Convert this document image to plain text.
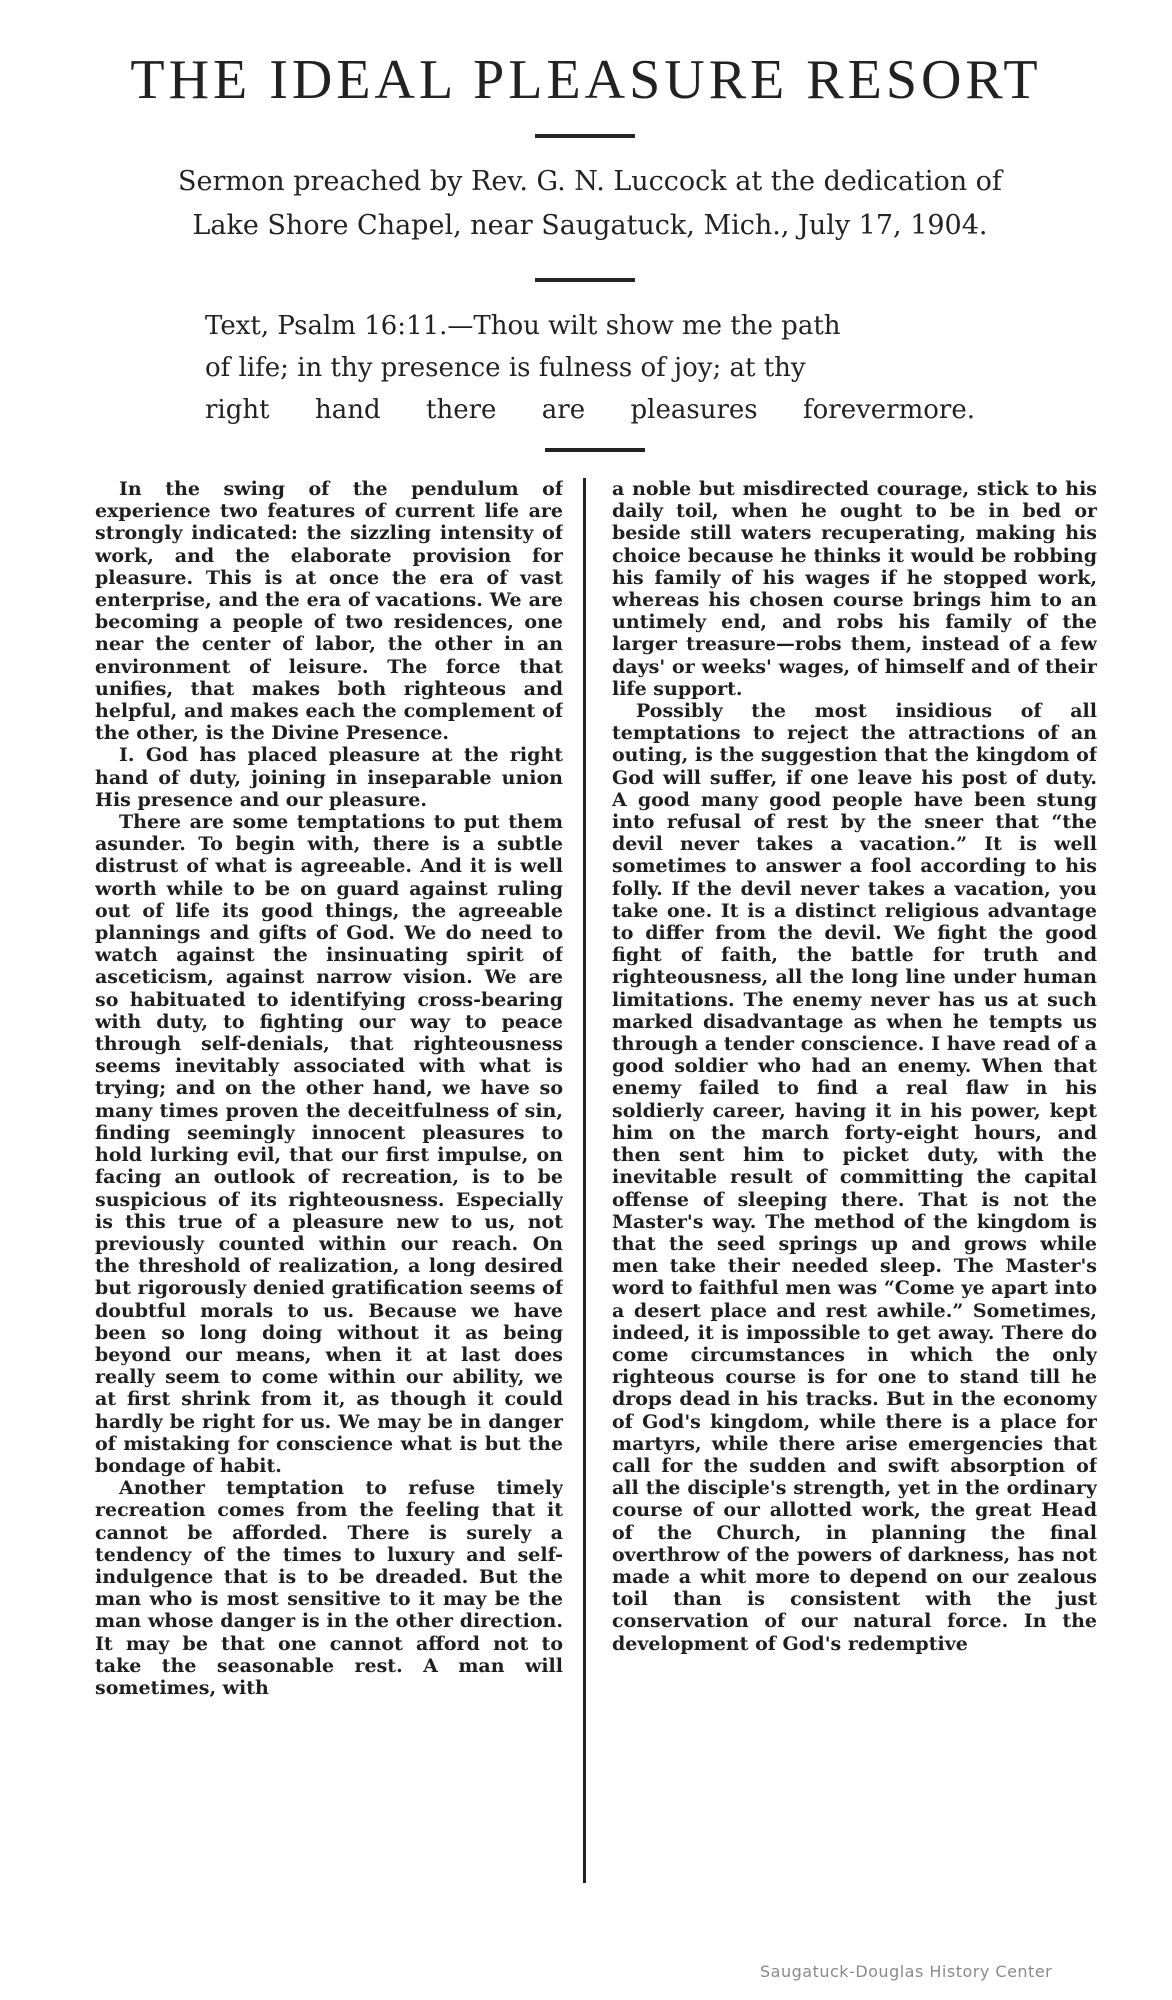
THE IDEAL PLEASURE RESORT
Sermon preached by Rev. G. N. Luccock at the dedication of
Lake Shore Chapel, near Saugatuck, Mich., July 17, 1904.
Text, Psalm 16:11.—Thou wilt show me the path
of life; in thy presence is fulness of joy; at thy
right hand there are pleasures forevermore.

In the swing of the pendulum of experience two features of current life are strongly indicated: the sizzling intensity of work, and the elaborate provision for pleasure. This is at once the era of vast enterprise, and the era of vacations. We are becoming a people of two residences, one near the center of labor, the other in an environment of leisure. The force that unifies, that makes both righteous and helpful, and makes each the complement of the other, is the Divine Presence.

I. God has placed pleasure at the right hand of duty, joining in inseparable union His presence and our pleasure.

There are some temptations to put them asunder. To begin with, there is a subtle distrust of what is agreeable. And it is well worth while to be on guard against ruling out of life its good things, the agreeable plannings and gifts of God. We do need to watch against the insinuating spirit of asceticism, against narrow vision. We are so habituated to identifying cross-bearing with duty, to fighting our way to peace through self-denials, that righteousness seems inevitably associated with what is trying; and on the other hand, we have so many times proven the deceitfulness of sin, finding seemingly innocent pleasures to hold lurking evil, that our first impulse, on facing an outlook of recreation, is to be suspicious of its righteousness. Especially is this true of a pleasure new to us, not previously counted within our reach. On the threshold of realization, a long desired but rigorously denied gratification seems of doubtful morals to us. Because we have been so long doing without it as being beyond our means, when it at last does really seem to come within our ability, we at first shrink from it, as though it could hardly be right for us. We may be in danger of mistaking for conscience what is but the bondage of habit.

Another temptation to refuse timely recreation comes from the feeling that it cannot be afforded. There is surely a tendency of the times to luxury and self-indulgence that is to be dreaded. But the man who is most sensitive to it may be the man whose danger is in the other direction. It may be that one cannot afford not to take the seasonable rest. A man will sometimes, with

a noble but misdirected courage, stick to his daily toil, when he ought to be in bed or beside still waters recuperating, making his choice because he thinks it would be robbing his family of his wages if he stopped work, whereas his chosen course brings him to an untimely end, and robs his family of the larger treasure—robs them, instead of a few days' or weeks' wages, of himself and of their life support.

Possibly the most insidious of all temptations to reject the attractions of an outing, is the suggestion that the kingdom of God will suffer, if one leave his post of duty. A good many good people have been stung into refusal of rest by the sneer that “the devil never takes a vacation.” It is well sometimes to answer a fool according to his folly. If the devil never takes a vacation, you take one. It is a distinct religious advantage to differ from the devil. We fight the good fight of faith, the battle for truth and righteousness, all the long line under human limitations. The enemy never has us at such marked disadvantage as when he tempts us through a tender conscience. I have read of a good soldier who had an enemy. When that enemy failed to find a real flaw in his soldierly career, having it in his power, kept him on the march forty-eight hours, and then sent him to picket duty, with the inevitable result of committing the capital offense of sleeping there. That is not the Master's way. The method of the kingdom is that the seed springs up and grows while men take their needed sleep. The Master's word to faithful men was “Come ye apart into a desert place and rest awhile.” Sometimes, indeed, it is impossible to get away. There do come circumstances in which the only righteous course is for one to stand till he drops dead in his tracks. But in the economy of God's kingdom, while there is a place for martyrs, while there arise emergencies that call for the sudden and swift absorption of all the disciple's strength, yet in the ordinary course of our allotted work, the great Head of the Church, in planning the final overthrow of the powers of darkness, has not made a whit more to depend on our zealous toil than is consistent with the just conservation of our natural force. In the development of God's redemptive

Saugatuck-Douglas History Center
